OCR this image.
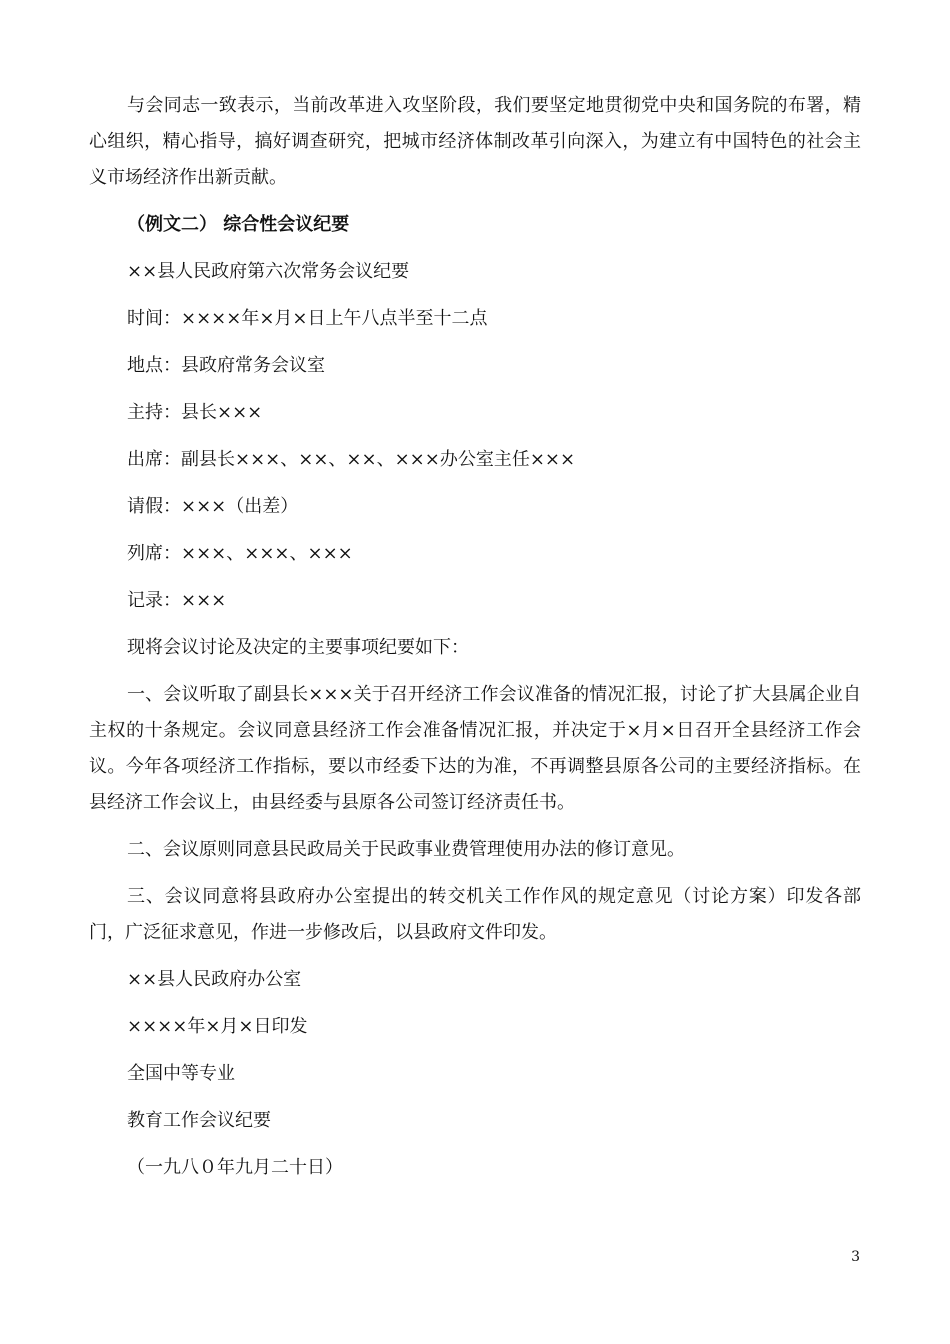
与会同志一致表示，当前改革进入攻坚阶段，我们要坚定地贯彻党中央和国务院的布署，精心组织，精心指导，搞好调查研究，把城市经济体制改革引向深入，为建立有中国特色的社会主义市场经济作出新贡献。

（例文二） 综合性会议纪要

××县人民政府第六次常务会议纪要

时间：××××年×月×日上午八点半至十二点

地点：县政府常务会议室

主持：县长×××

出席：副县长×××、××、××、×××办公室主任×××

请假：×××（出差）

列席：×××、×××、×××

记录：×××

现将会议讨论及决定的主要事项纪要如下：

一、会议听取了副县长×××关于召开经济工作会议准备的情况汇报，讨论了扩大县属企业自主权的十条规定。会议同意县经济工作会准备情况汇报，并决定于×月×日召开全县经济工作会议。今年各项经济工作指标，要以市经委下达的为准，不再调整县原各公司的主要经济指标。在县经济工作会议上，由县经委与县原各公司签订经济责任书。

二、会议原则同意县民政局关于民政事业费管理使用办法的修订意见。

三、会议同意将县政府办公室提出的转交机关工作作风的规定意见（讨论方案）印发各部门，广泛征求意见，作进一步修改后，以县政府文件印发。

××县人民政府办公室

××××年×月×日印发

全国中等专业

教育工作会议纪要

（一九八０年九月二十日）

3
